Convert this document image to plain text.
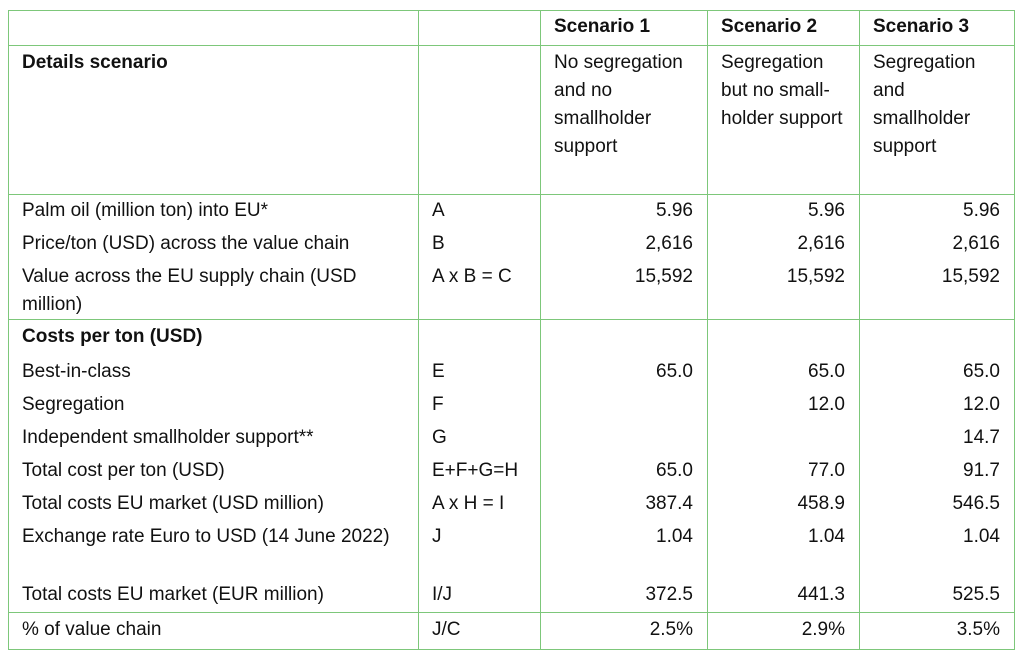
		Scenario 1	Scenario 2	Scenario 3
Details scenario		No segregation and no smallholder support	Segregation but no small-holder support	Segregation and smallholder support
Palm oil (million ton) into EU*	A	5.96	5.96	5.96
Price/ton (USD) across the value chain	B	2,616	2,616	2,616
Value across the EU supply chain (USD million)	A x B = C	15,592	15,592	15,592
Costs per ton (USD)				
Best-in-class	E	65.0	65.0	65.0
Segregation	F		12.0	12.0
Independent smallholder support**	G			14.7
Total cost per ton (USD)	E+F+G=H	65.0	77.0	91.7
Total costs EU market (USD million)	A x H = I	387.4	458.9	546.5
Exchange rate Euro to USD (14 June 2022)	J	1.04	1.04	1.04
Total costs EU market (EUR million)	I/J	372.5	441.3	525.5
% of value chain	J/C	2.5%	2.9%	3.5%
